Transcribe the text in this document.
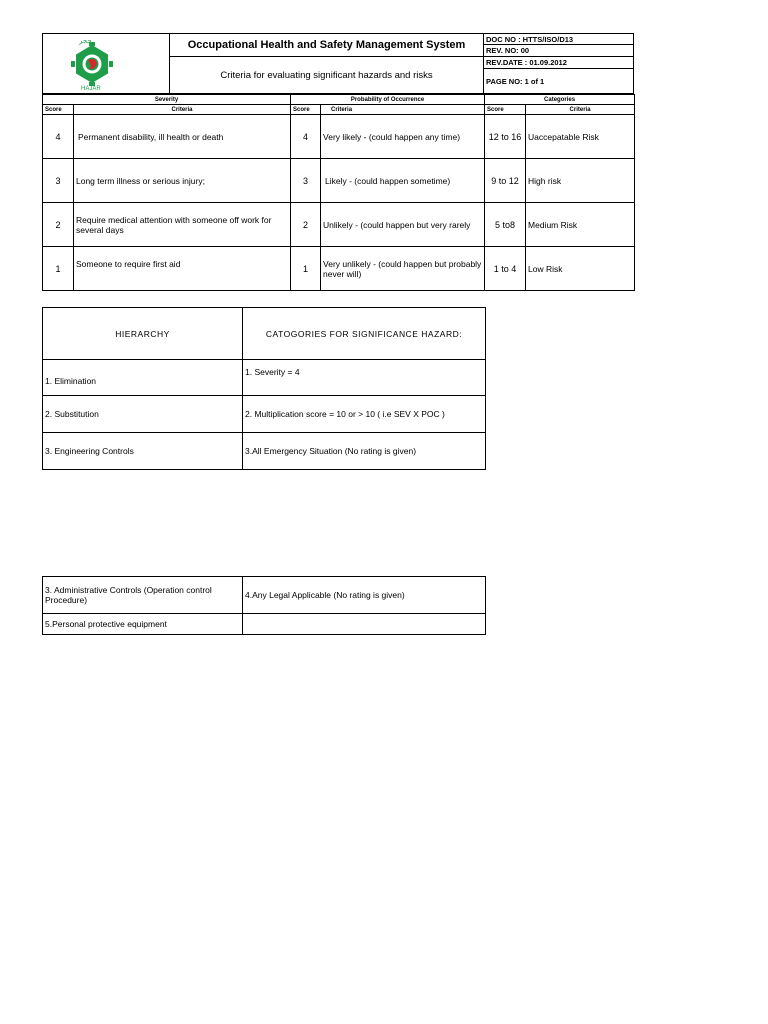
حجر
HAJAR
Occupational Health and Safety Management System
Criteria for evaluating significant hazards and risks
DOC NO : HTTS/ISO/D13
REV. NO: 00
REV.DATE : 01.09.2012
PAGE NO: 1 of 1
Severity		Probability of Occurrence		Categories	
Score	Criteria	Score	Criteria	Score	Criteria
4	Permanent disability, ill health or death	4	Very likely - (could happen any time)	12 to 16	Uaccepatable Risk
3	Long term illness or serious injury;	3	Likely - (could happen sometime)	9 to 12	High risk
2	Require medical attention with someone off work for several days	2	Unlikely - (could happen but very rarely	5 to8	Medium Risk
1	Someone to require first aid	1	Very unlikely - (could happen but probably never will)	1 to 4	Low Risk
HIERARCHY	CATOGORIES FOR SIGNIFICANCE HAZARD:
1. Elimination	1. Severity = 4
2. Substitution	2. Multiplication score = 10 or > 10 ( i.e SEV X POC )
3. Engineering Controls	3.All Emergency Situation (No rating is given)
3. Administrative Controls (Operation control Procedure)	4.Any Legal Applicable (No rating is given)
5.Personal protective equipment	
